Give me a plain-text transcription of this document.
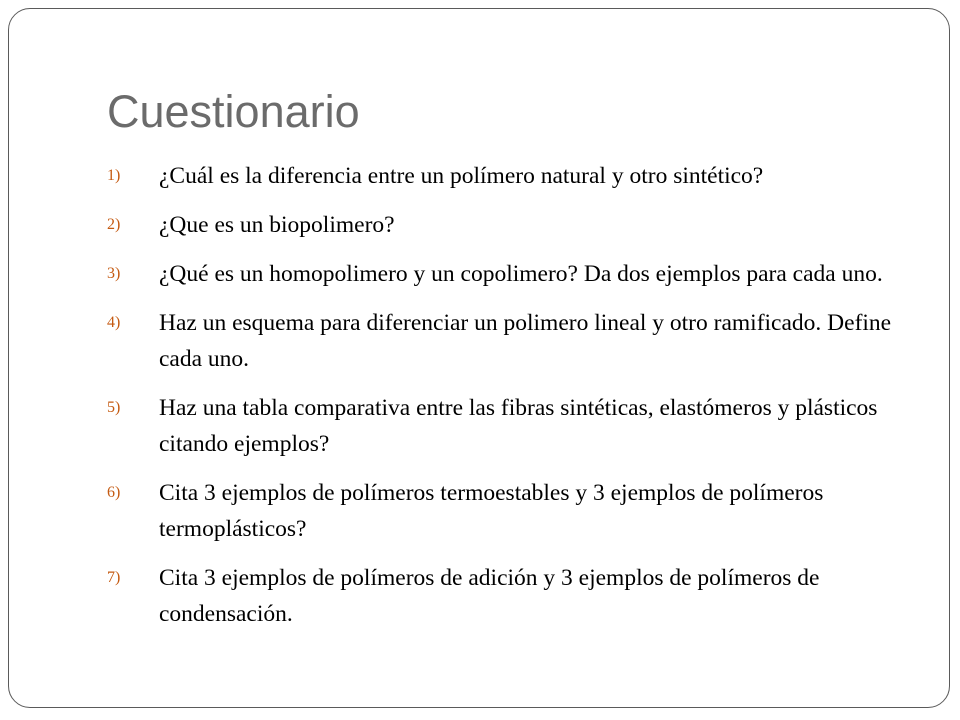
Cuestionario
1)	¿Cuál es la diferencia entre un polímero natural y otro sintético?
2)	¿Que es un biopolimero?
3)	¿Qué es un homopolimero y un copolimero? Da dos ejemplos para cada uno.
4)	Haz un esquema para diferenciar un polimero lineal y otro ramificado. Define cada uno.
5)	Haz una tabla comparativa entre las fibras sintéticas, elastómeros y plásticos citando ejemplos?
6)	Cita 3 ejemplos de polímeros termoestables y 3 ejemplos de polímeros termoplásticos?
7)	Cita 3 ejemplos de polímeros de adición y 3 ejemplos de polímeros de condensación.
